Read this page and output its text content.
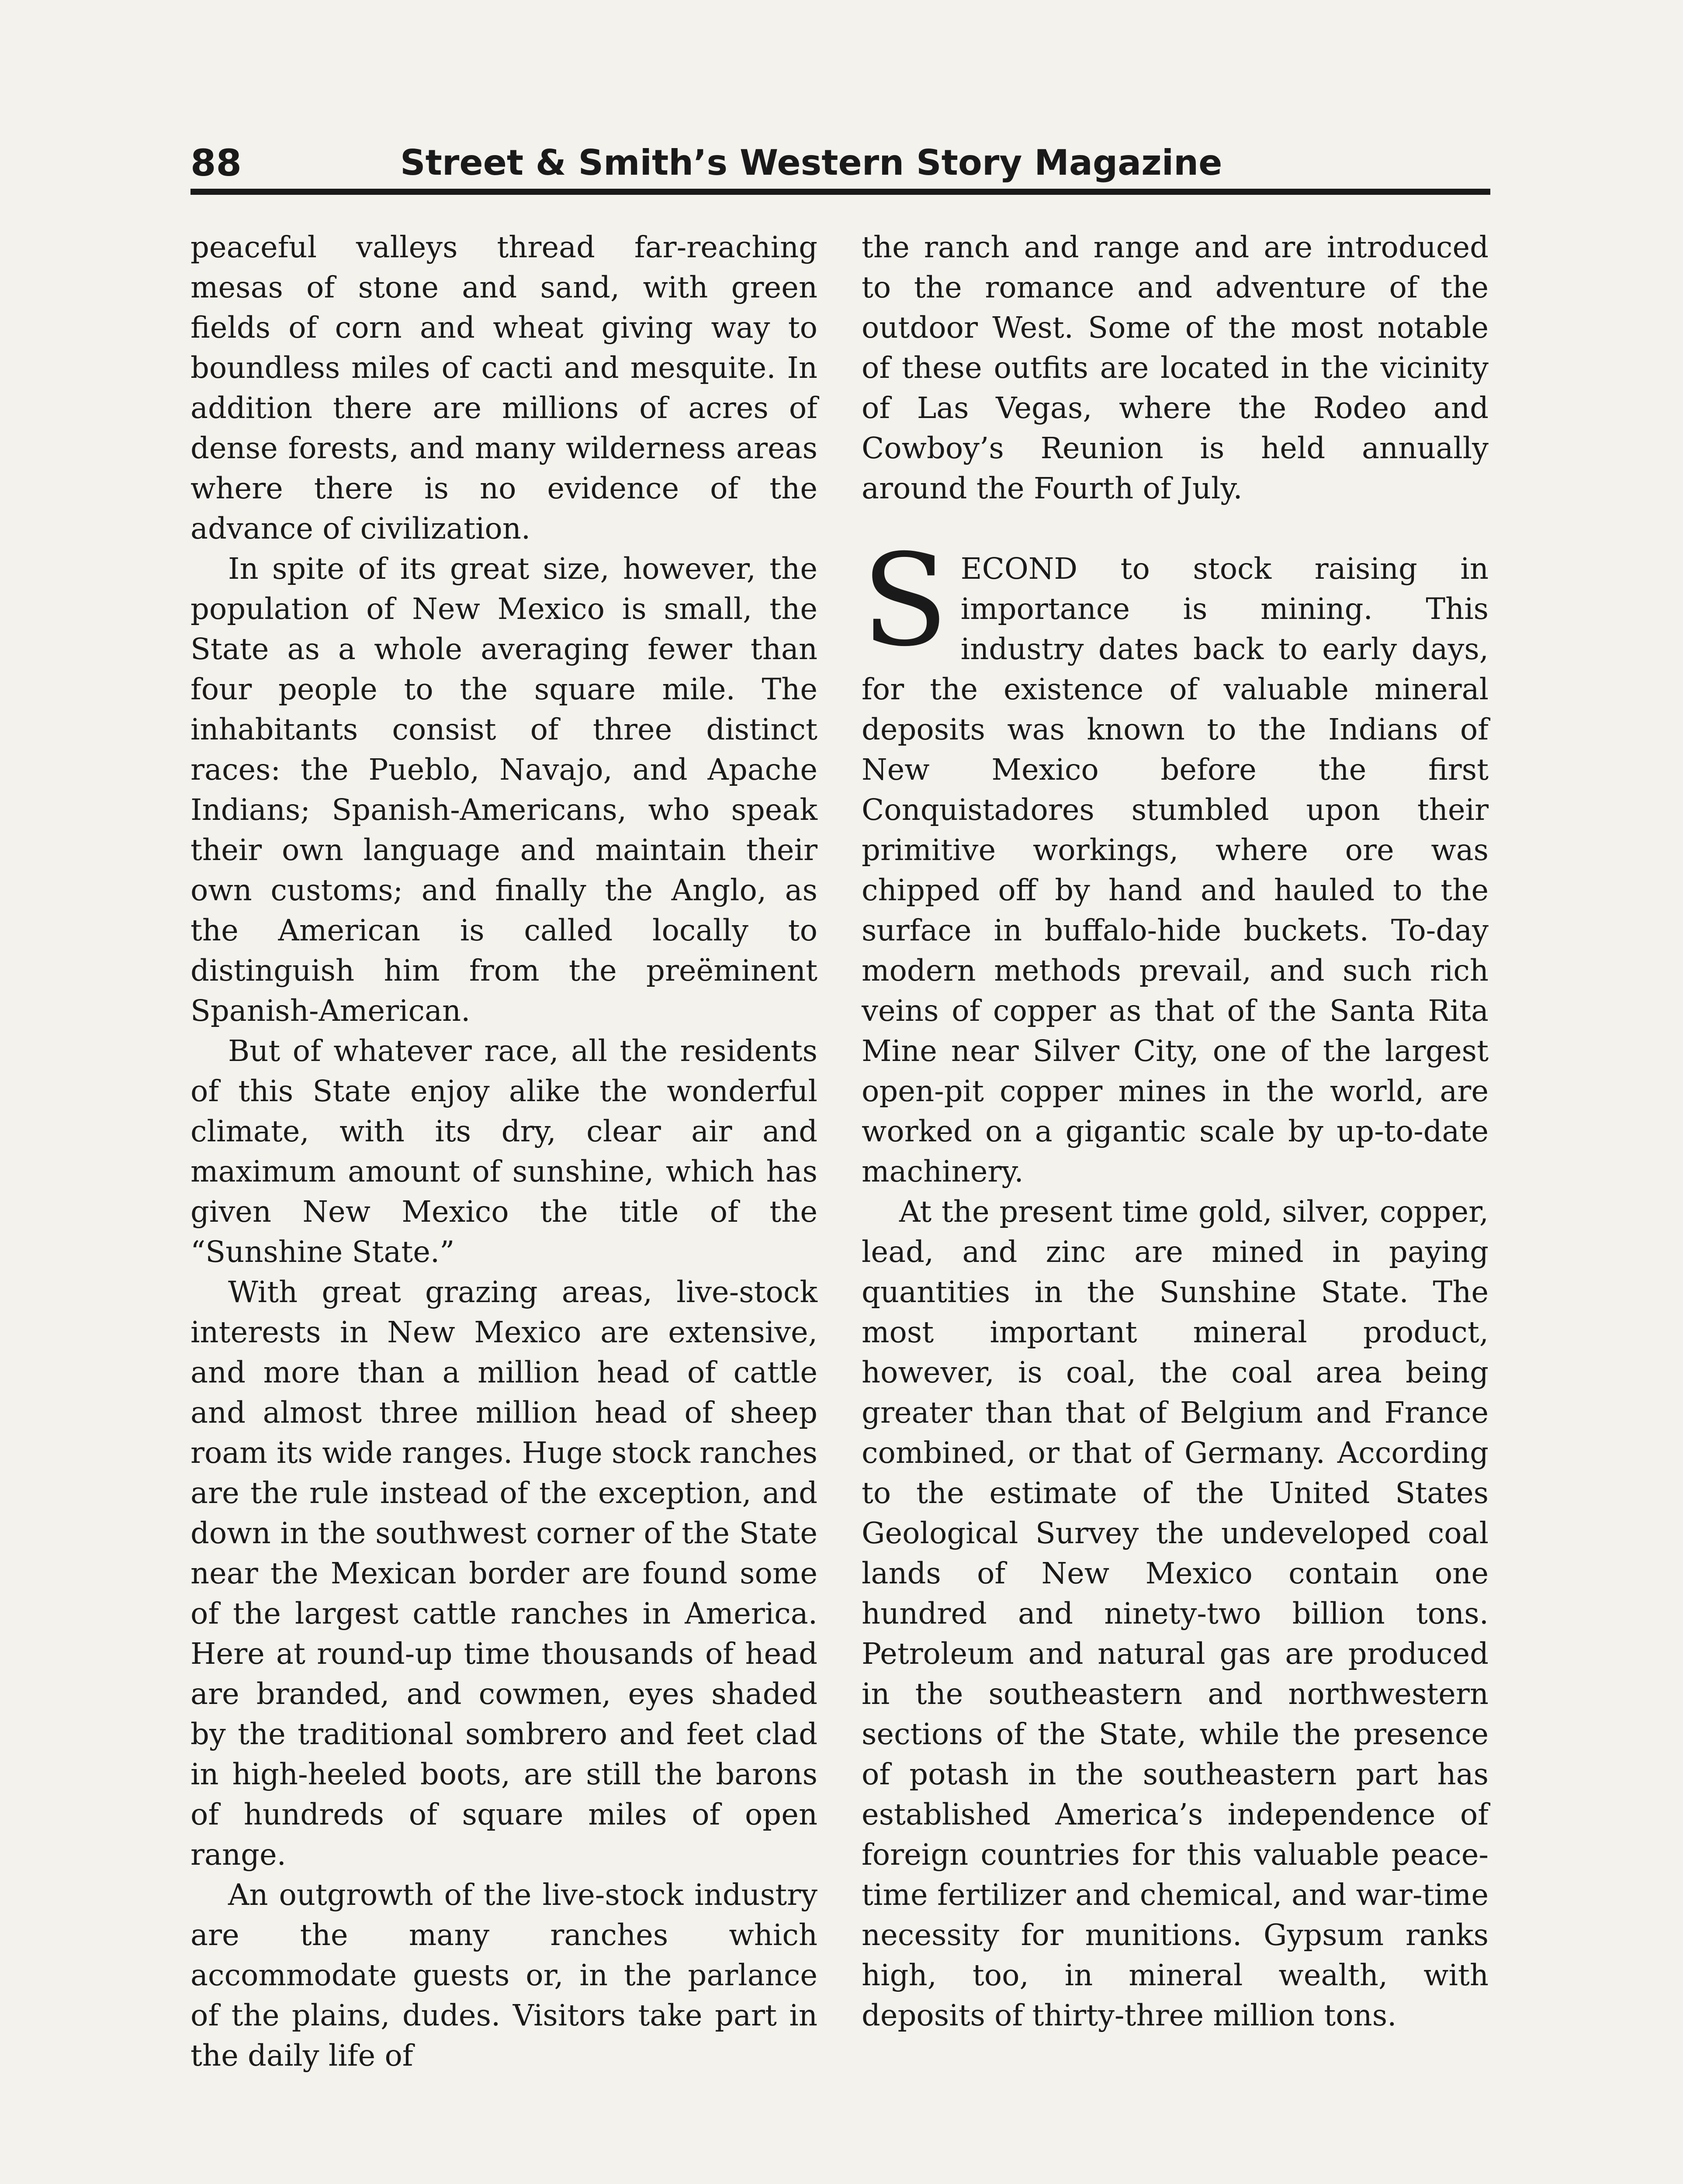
88	Street & Smith’s Western Story Magazine

peaceful valleys thread far-reaching mesas of stone and sand, with green fields of corn and wheat giving way to boundless miles of cacti and mesquite. In addition there are millions of acres of dense forests, and many wilderness areas where there is no evidence of the advance of civilization.

In spite of its great size, however, the population of New Mexico is small, the State as a whole averaging fewer than four people to the square mile. The inhabitants consist of three distinct races: the Pueblo, Navajo, and Apache Indians; Spanish-Americans, who speak their own language and maintain their own customs; and finally the Anglo, as the American is called locally to distinguish him from the preëminent Spanish-American.

But of whatever race, all the residents of this State enjoy alike the wonderful climate, with its dry, clear air and maximum amount of sunshine, which has given New Mexico the title of the “Sunshine State.”

With great grazing areas, live-stock interests in New Mexico are extensive, and more than a million head of cattle and almost three million head of sheep roam its wide ranges. Huge stock ranches are the rule instead of the exception, and down in the southwest corner of the State near the Mexican border are found some of the largest cattle ranches in America. Here at round-up time thousands of head are branded, and cowmen, eyes shaded by the traditional sombrero and feet clad in high-heeled boots, are still the barons of hundreds of square miles of open range.

An outgrowth of the live-stock industry are the many ranches which accommodate guests or, in the parlance of the plains, dudes. Visitors take part in the daily life of

the ranch and range and are introduced to the romance and adventure of the outdoor West. Some of the most notable of these outfits are located in the vicinity of Las Vegas, where the Rodeo and Cowboy’s Reunion is held annually around the Fourth of July.

SECOND to stock raising in importance is mining. This industry dates back to early days, for the existence of valuable mineral deposits was known to the Indians of New Mexico before the first Conquistadores stumbled upon their primitive workings, where ore was chipped off by hand and hauled to the surface in buffalo-hide buckets. To-day modern methods prevail, and such rich veins of copper as that of the Santa Rita Mine near Silver City, one of the largest open-pit copper mines in the world, are worked on a gigantic scale by up-to-date machinery.

At the present time gold, silver, copper, lead, and zinc are mined in paying quantities in the Sunshine State. The most important mineral product, however, is coal, the coal area being greater than that of Belgium and France combined, or that of Germany. According to the estimate of the United States Geological Survey the undeveloped coal lands of New Mexico contain one hundred and ninety-two billion tons. Petroleum and natural gas are produced in the southeastern and northwestern sections of the State, while the presence of potash in the southeastern part has established America’s independence of foreign countries for this valuable peace-time fertilizer and chemical, and war-time necessity for munitions. Gypsum ranks high, too, in mineral wealth, with deposits of thirty-three million tons.
